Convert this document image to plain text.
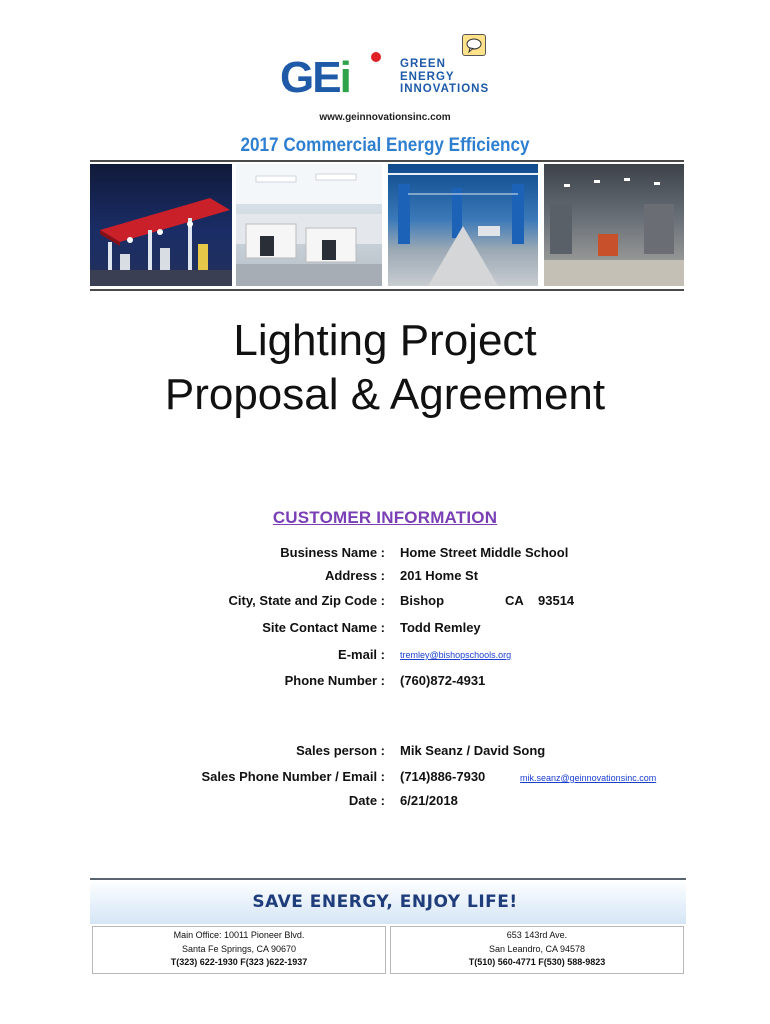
GEi	GREEN
ENERGY
INNOVATIONS
www.geinnovationsinc.com
2017 Commercial Energy Efficiency
Lighting Project
Proposal & Agreement
CUSTOMER INFORMATION
Business Name : Home Street Middle School
Address : 201 Home St
City, State and Zip Code : Bishop	CA 93514
Site Contact Name : Todd Remley
E-mail : tremley@bishopschools.org
Phone Number : (760)872-4931
Sales person : Mik Seanz / David Song
Sales Phone Number / Email : (714)886-7930	mik.seanz@geinnovationsinc.com
Date : 6/21/2018
SAVE ENERGY, ENJOY LIFE!
Main Office: 10011 Pioneer Blvd.
Santa Fe Springs, CA 90670
T(323) 622-1930 F(323 )622-1937
653 143rd Ave.
San Leandro, CA 94578
T(510) 560-4771 F(530) 588-9823
